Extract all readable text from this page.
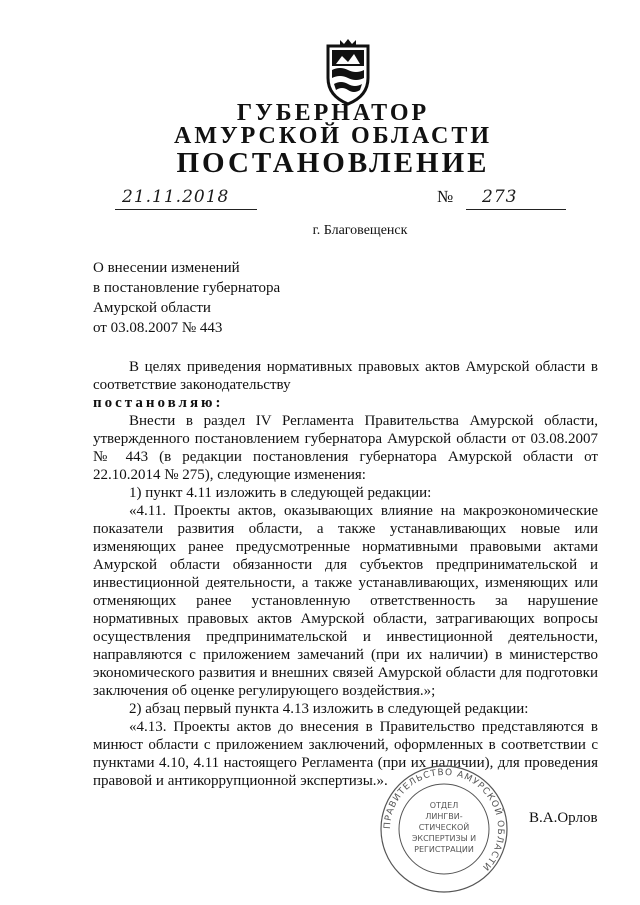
ГУБЕРНАТОР
АМУРСКОЙ ОБЛАСТИ
ПОСТАНОВЛЕНИЕ
21.11.2018	№ 273
г. Благовещенск
О внесении изменений
в постановление губернатора
Амурской области
от 03.08.2007 № 443

В целях приведения нормативных правовых актов Амурской области в соответствие законодательству

постановляю:

Внести в раздел IV Регламента Правительства Амурской области, утвержденного постановлением губернатора Амурской области от 03.08.2007 № 443 (в редакции постановления губернатора Амурской области от 22.10.2014 № 275), следующие изменения:

1) пункт 4.11 изложить в следующей редакции:

«4.11. Проекты актов, оказывающих влияние на макроэкономические показатели развития области, а также устанавливающих новые или изменяющих ранее предусмотренные нормативными правовыми актами Амурской области обязанности для субъектов предпринимательской и инвестиционной деятельности, а также устанавливающих, изменяющих или отменяющих ранее установленную ответственность за нарушение нормативных правовых актов Амурской области, затрагивающих вопросы осуществления предпринимательской и инвестиционной деятельности, направляются с приложением замечаний (при их наличии) в министерство экономического развития и внешних связей Амурской области для подготовки заключения об оценке регулирующего воздействия.»;

2) абзац первый пункта 4.13 изложить в следующей редакции:

«4.13. Проекты актов до внесения в Правительство представляются в минюст области с приложением заключений, оформленных в соответствии с пунктами 4.10, 4.11 настоящего Регламента (при их наличии), для проведения правовой и антикоррупционной экспертизы.».

ПРАВИТЕЛЬСТВО АМУРСКОЙ ОБЛАСТИ
ОТДЕЛ
ЛИНГВИ-
СТИЧЕСКОЙ
ЭКСПЕРТИЗЫ И
РЕГИСТРАЦИИ
В.А.Орлов
